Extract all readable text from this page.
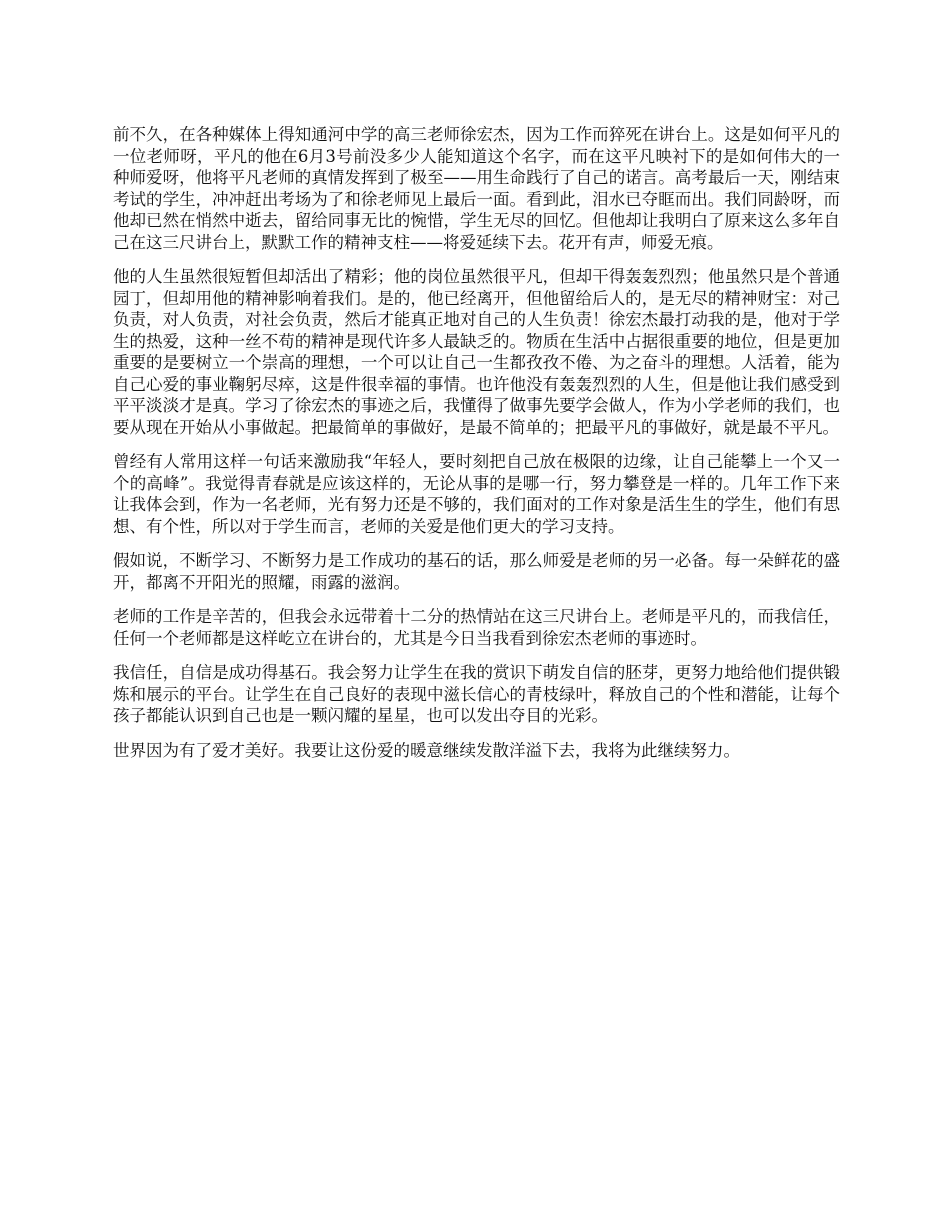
前不久，在各种媒体上得知通河中学的高三老师徐宏杰，因为工作而猝死在讲台上。这是如何平凡的一位老师呀，平凡的他在6月3号前没多少人能知道这个名字，而在这平凡映衬下的是如何伟大的一种师爱呀，他将平凡老师的真情发挥到了极至——用生命践行了自己的诺言。高考最后一天，刚结束考试的学生，冲冲赶出考场为了和徐老师见上最后一面。看到此，泪水已夺眶而出。我们同龄呀，而他却已然在悄然中逝去，留给同事无比的惋惜，学生无尽的回忆。但他却让我明白了原来这么多年自己在这三尺讲台上，默默工作的精神支柱——将爱延续下去。花开有声，师爱无痕。

他的人生虽然很短暂但却活出了精彩；他的岗位虽然很平凡，但却干得轰轰烈烈；他虽然只是个普通园丁，但却用他的精神影响着我们。是的，他已经离开，但他留给后人的，是无尽的精神财宝：对己负责，对人负责，对社会负责，然后才能真正地对自己的人生负责！徐宏杰最打动我的是，他对于学生的热爱，这种一丝不苟的精神是现代许多人最缺乏的。物质在生活中占据很重要的地位，但是更加重要的是要树立一个崇高的理想，一个可以让自己一生都孜孜不倦、为之奋斗的理想。人活着，能为自己心爱的事业鞠躬尽瘁，这是件很幸福的事情。也许他没有轰轰烈烈的人生，但是他让我们感受到平平淡淡才是真。学习了徐宏杰的事迹之后，我懂得了做事先要学会做人，作为小学老师的我们，也要从现在开始从小事做起。把最简单的事做好，是最不简单的；把最平凡的事做好，就是最不平凡。

曾经有人常用这样一句话来激励我“年轻人，要时刻把自己放在极限的边缘，让自己能攀上一个又一个的高峰”。我觉得青春就是应该这样的，无论从事的是哪一行，努力攀登是一样的。几年工作下来让我体会到，作为一名老师，光有努力还是不够的，我们面对的工作对象是活生生的学生，他们有思想、有个性，所以对于学生而言，老师的关爱是他们更大的学习支持。

假如说，不断学习、不断努力是工作成功的基石的话，那么师爱是老师的另一必备。每一朵鲜花的盛开，都离不开阳光的照耀，雨露的滋润。

老师的工作是辛苦的，但我会永远带着十二分的热情站在这三尺讲台上。老师是平凡的，而我信任，任何一个老师都是这样屹立在讲台的，尤其是今日当我看到徐宏杰老师的事迹时。

我信任，自信是成功得基石。我会努力让学生在我的赏识下萌发自信的胚芽，更努力地给他们提供锻炼和展示的平台。让学生在自己良好的表现中滋长信心的青枝绿叶，释放自己的个性和潜能，让每个孩子都能认识到自己也是一颗闪耀的星星，也可以发出夺目的光彩。

世界因为有了爱才美好。我要让这份爱的暖意继续发散洋溢下去，我将为此继续努力。
